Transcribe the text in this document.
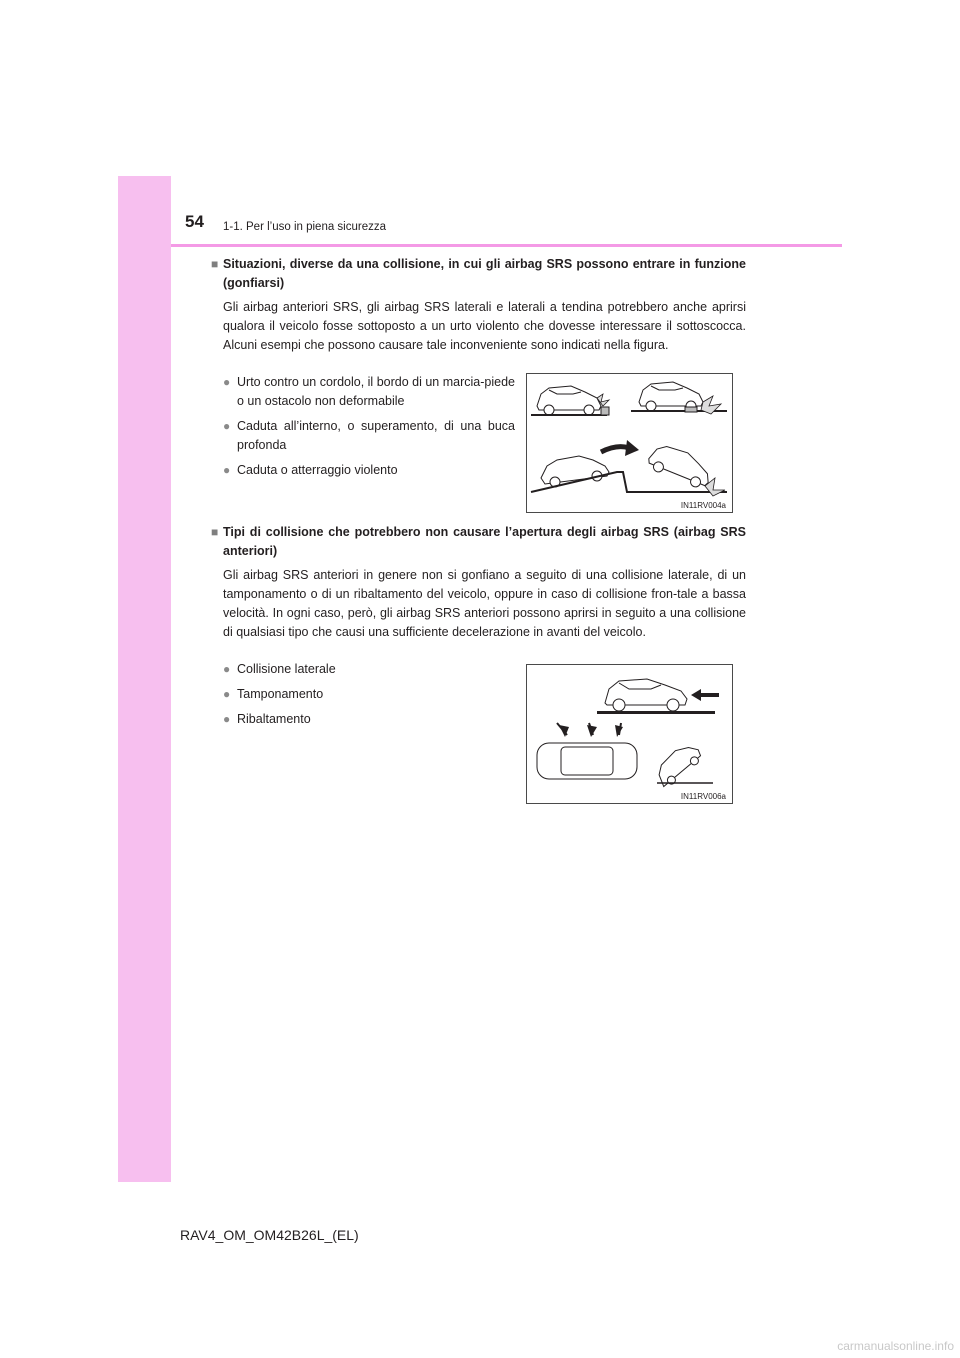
54 1-1. Per l’uso in piena sicurezza
■ Situazioni, diverse da una collisione, in cui gli airbag SRS possono entrare in funzione (gonfiarsi)
Gli airbag anteriori SRS, gli airbag SRS laterali e laterali a tendina potrebbero anche aprirsi qualora il veicolo fosse sottoposto a un urto violento che dovesse interessare il sottoscocca. Alcuni esempi che possono causare tale inconveniente sono indicati nella figura.
● Urto contro un cordolo, il bordo di un marcia-piede o un ostacolo non deformabile
● Caduta all’interno, o superamento, di una buca profonda
● Caduta o atterraggio violento
IN11RV004a
■ Tipi di collisione che potrebbero non causare l’apertura degli airbag SRS (airbag SRS anteriori)
Gli airbag SRS anteriori in genere non si gonfiano a seguito di una collisione laterale, di un tamponamento o di un ribaltamento del veicolo, oppure in caso di collisione fron-tale a bassa velocità. In ogni caso, però, gli airbag SRS anteriori possono aprirsi in seguito a una collisione di qualsiasi tipo che causi una sufficiente decelerazione in avanti del veicolo.
● Collisione laterale
● Tamponamento
● Ribaltamento
IN11RV006a
RAV4_OM_OM42B26L_(EL)
carmanualsonline.info
